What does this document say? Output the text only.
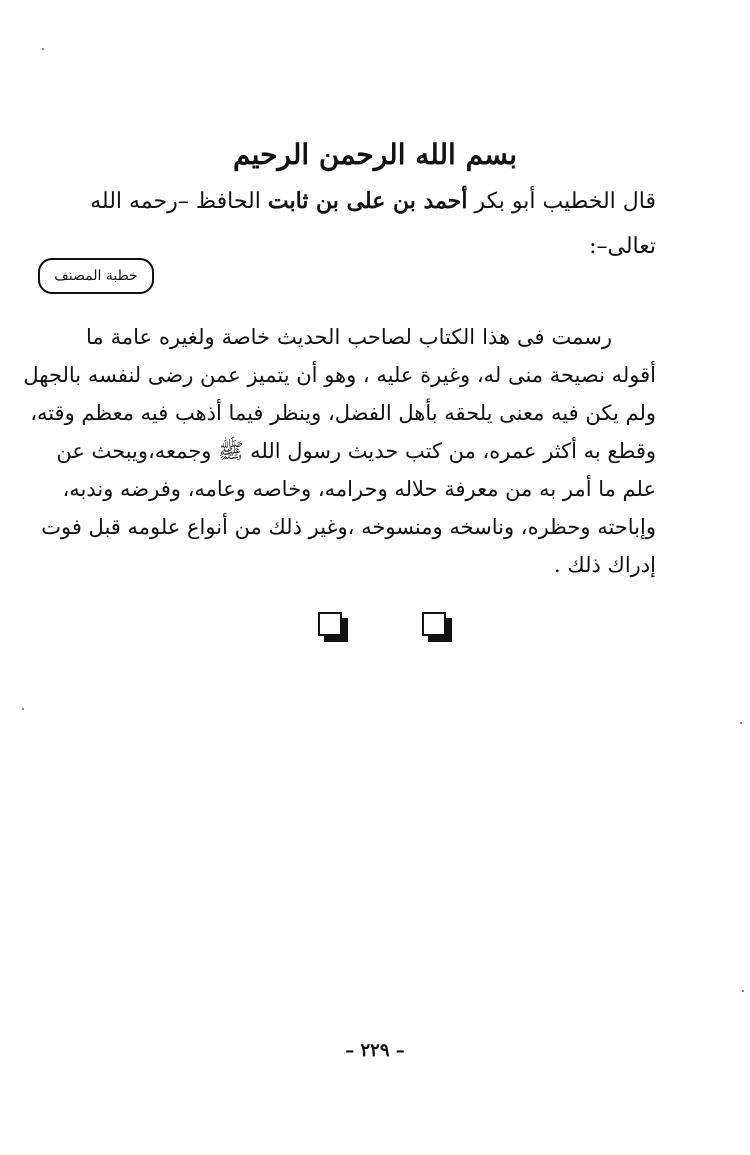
بسم الله الرحمن الرحيم
قال الخطيب أبو بكر أحمد بن على بن ثابت الحافظ –رحمه الله
تعالى–:
خطبة المصنف
رسمت فى هذا الكتاب لصاحب الحديث خاصة ولغيره عامة ما
أقوله نصيحة منى له، وغيرة عليه ، وهو أن يتميز عمن رضى لنفسه بالجهل
ولم يكن فيه معنى يلحقه بأهل الفضل، وينظر فيما أذهب فيه معظم وقته،
وقطع به أكثر عمره، من كتب حديث رسول الله ﷺ وجمعه،ويبحث عن
علم ما أمر به من معرفة حلاله وحرامه، وخاصه وعامه، وفرضه وندبه،
وإباحته وحظره، وناسخه ومنسوخه ،وغير ذلك من أنواع علومه قبل فوت
إدراك ذلك .
– ٢٢٩ –
